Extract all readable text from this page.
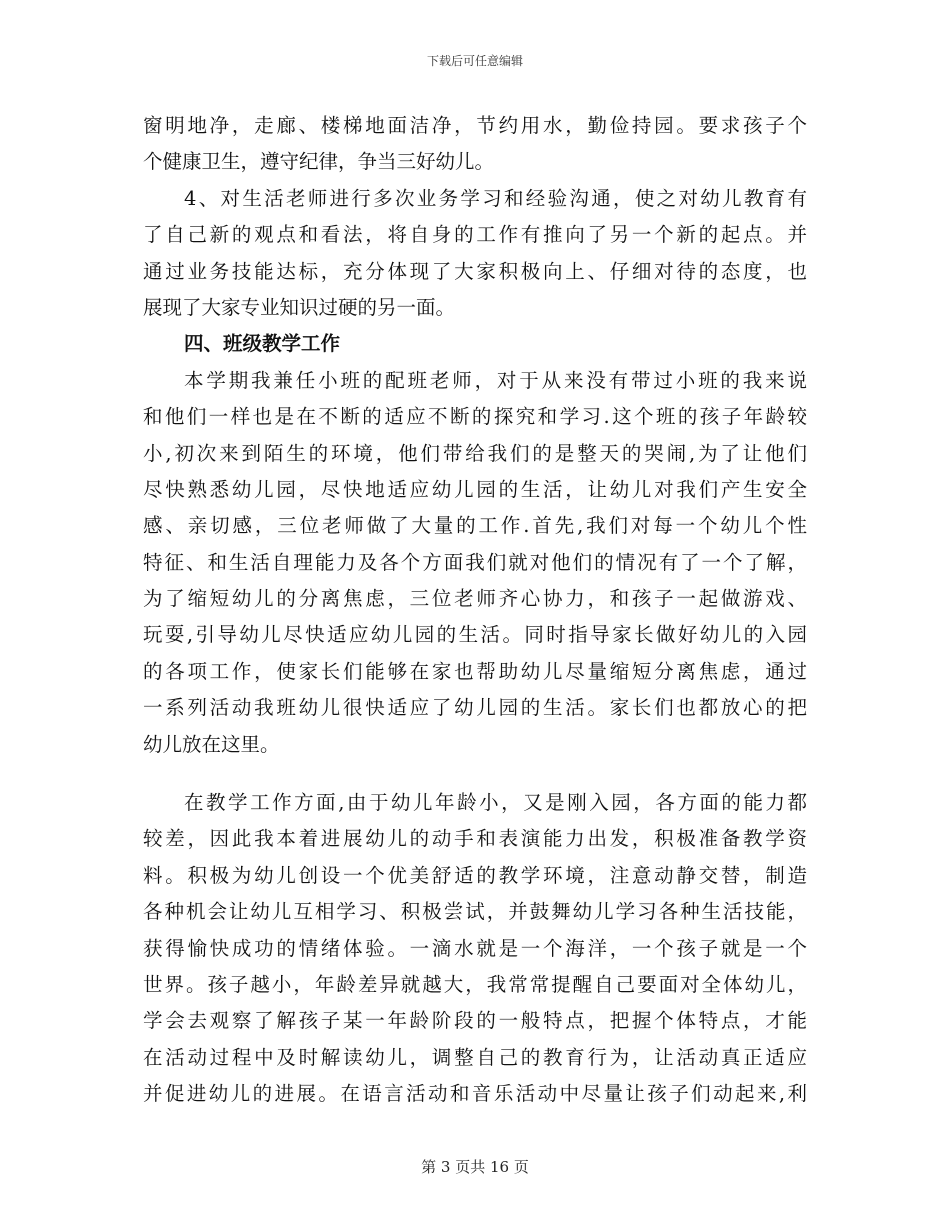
下载后可任意编辑
窗明地净，走廊、楼梯地面洁净，节约用水，勤俭持园。要求孩子个
个健康卫生，遵守纪律，争当三好幼儿。
4、对生活老师进行多次业务学习和经验沟通，使之对幼儿教育有
了自己新的观点和看法，将自身的工作有推向了另一个新的起点。并
通过业务技能达标，充分体现了大家积极向上、仔细对待的态度，也
展现了大家专业知识过硬的另一面。
四、班级教学工作
本学期我兼任小班的配班老师，对于从来没有带过小班的我来说
和他们一样也是在不断的适应不断的探究和学习.这个班的孩子年龄较
小,初次来到陌生的环境，他们带给我们的是整天的哭闹,为了让他们
尽快熟悉幼儿园，尽快地适应幼儿园的生活，让幼儿对我们产生安全
感、亲切感，三位老师做了大量的工作.首先,我们对每一个幼儿个性
特征、和生活自理能力及各个方面我们就对他们的情况有了一个了解，
为了缩短幼儿的分离焦虑，三位老师齐心协力，和孩子一起做游戏、
玩耍,引导幼儿尽快适应幼儿园的生活。同时指导家长做好幼儿的入园
的各项工作，使家长们能够在家也帮助幼儿尽量缩短分离焦虑，通过
一系列活动我班幼儿很快适应了幼儿园的生活。家长们也都放心的把
幼儿放在这里。
在教学工作方面,由于幼儿年龄小，又是刚入园，各方面的能力都
较差，因此我本着进展幼儿的动手和表演能力出发，积极准备教学资
料。积极为幼儿创设一个优美舒适的教学环境，注意动静交替，制造
各种机会让幼儿互相学习、积极尝试，并鼓舞幼儿学习各种生活技能，
获得愉快成功的情绪体验。一滴水就是一个海洋，一个孩子就是一个
世界。孩子越小，年龄差异就越大，我常常提醒自己要面对全体幼儿，
学会去观察了解孩子某一年龄阶段的一般特点，把握个体特点，才能
在活动过程中及时解读幼儿，调整自己的教育行为，让活动真正适应
并促进幼儿的进展。在语言活动和音乐活动中尽量让孩子们动起来,利
第 3 页共 16 页
